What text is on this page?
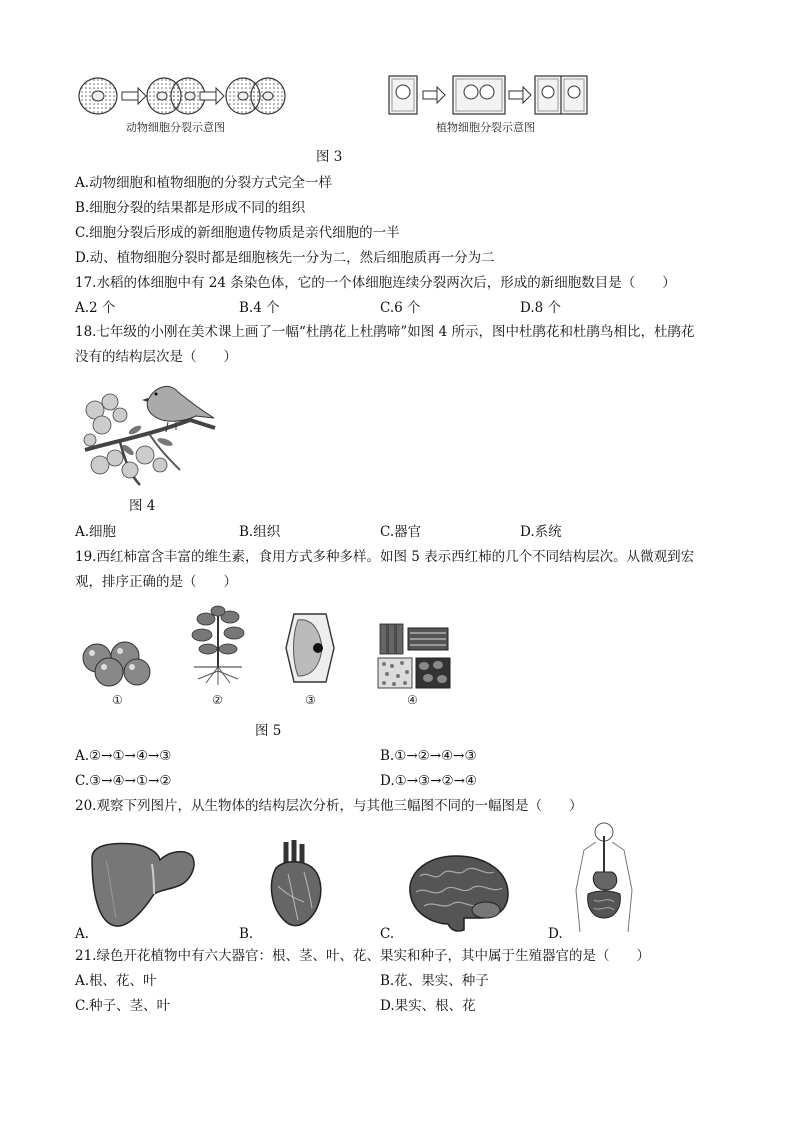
动物细胞分裂示意图	植物细胞分裂示意图
图 3
A.动物细胞和植物细胞的分裂方式完全一样
B.细胞分裂的结果都是形成不同的组织
C.细胞分裂后形成的新细胞遗传物质是亲代细胞的一半
D.动、植物细胞分裂时都是细胞核先一分为二，然后细胞质再一分为二
17.水稻的体细胞中有 24 条染色体，它的一个体细胞连续分裂两次后，形成的新细胞数目是（　　）
A.2 个	B.4 个	C.6 个	D.8 个
18.七年级的小刚在美术课上画了一幅“杜鹃花上杜鹃啼”如图 4 所示，图中杜鹃花和杜鹃鸟相比，杜鹃花
没有的结构层次是（　　）
图 4
A.细胞	B.组织	C.器官	D.系统
19.西红柿富含丰富的维生素，食用方式多种多样。如图 5 表示西红柿的几个不同结构层次。从微观到宏
观，排序正确的是（　　）
①	②	③	④
图 5
A.②→①→④→③	B.①→②→④→③
C.③→④→①→②	D.①→③→②→④
20.观察下列图片，从生物体的结构层次分析，与其他三幅图不同的一幅图是（　　）
A.	B.	C.	D.
21.绿色开花植物中有六大器官：根、茎、叶、花、果实和种子，其中属于生殖器官的是（　　）
A.根、花、叶	B.花、果实、种子
C.种子、茎、叶	D.果实、根、花
